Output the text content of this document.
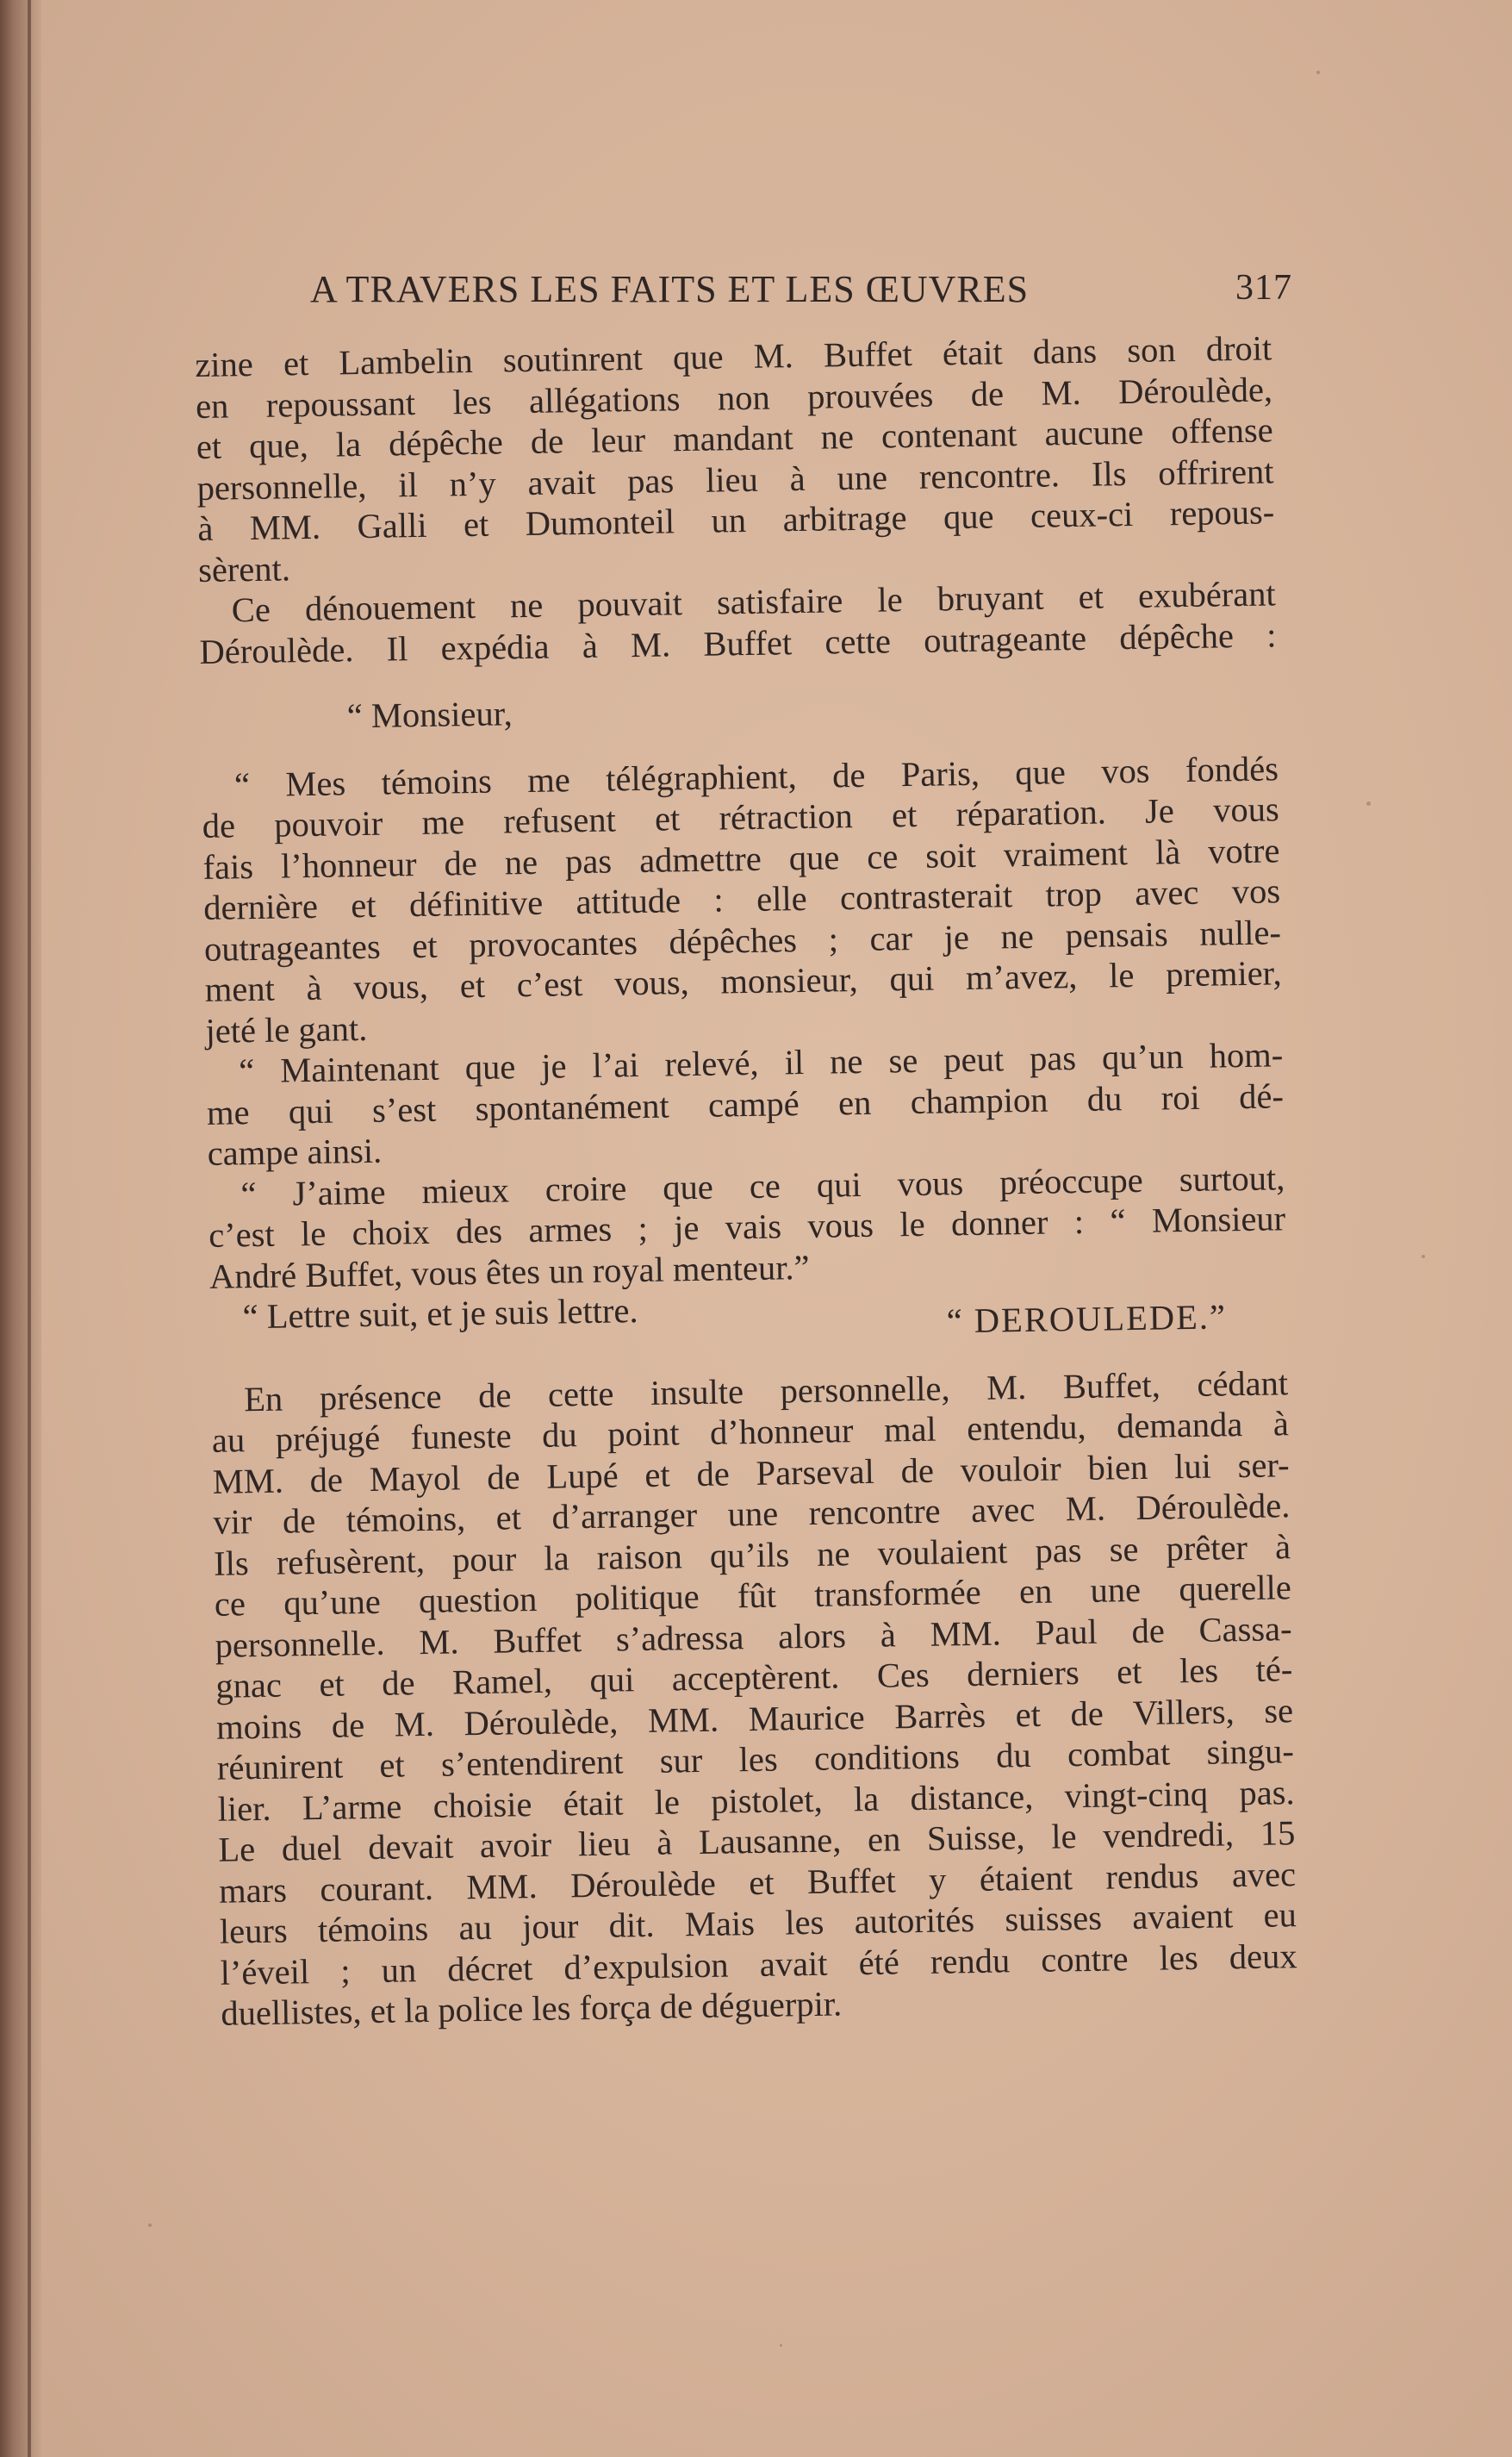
A TRAVERS LES FAITS ET LES ŒUVRES	317
zine et Lambelin soutinrent que M. Buffet était dans son droit
en repoussant les allégations non prouvées de M. Déroulède,
et que, la dépêche de leur mandant ne contenant aucune offense
personnelle, il n’y avait pas lieu à une rencontre. Ils offrirent
à MM. Galli et Dumonteil un arbitrage que ceux-ci repous-
sèrent.
Ce dénouement ne pouvait satisfaire le bruyant et exubérant
Déroulède. Il expédia à M. Buffet cette outrageante dépêche :
“ Monsieur,
“ Mes témoins me télégraphient, de Paris, que vos fondés
de pouvoir me refusent et rétraction et réparation. Je vous
fais l’honneur de ne pas admettre que ce soit vraiment là votre
dernière et définitive attitude : elle contrasterait trop avec vos
outrageantes et provocantes dépêches ; car je ne pensais nulle-
ment à vous, et c’est vous, monsieur, qui m’avez, le premier,
jeté le gant.
“ Maintenant que je l’ai relevé, il ne se peut pas qu’un hom-
me qui s’est spontanément campé en champion du roi dé-
campe ainsi.
“ J’aime mieux croire que ce qui vous préoccupe surtout,
c’est le choix des armes ; je vais vous le donner : “ Monsieur
André Buffet, vous êtes un royal menteur.”
“ Lettre suit, et je suis lettre.	“ DEROULEDE.”
En présence de cette insulte personnelle, M. Buffet, cédant
au préjugé funeste du point d’honneur mal entendu, demanda à
MM. de Mayol de Lupé et de Parseval de vouloir bien lui ser-
vir de témoins, et d’arranger une rencontre avec M. Déroulède.
Ils refusèrent, pour la raison qu’ils ne voulaient pas se prêter à
ce qu’une question politique fût transformée en une querelle
personnelle. M. Buffet s’adressa alors à MM. Paul de Cassa-
gnac et de Ramel, qui acceptèrent. Ces derniers et les té-
moins de M. Déroulède, MM. Maurice Barrès et de Villers, se
réunirent et s’entendirent sur les conditions du combat singu-
lier. L’arme choisie était le pistolet, la distance, vingt-cinq pas.
Le duel devait avoir lieu à Lausanne, en Suisse, le vendredi, 15
mars courant. MM. Déroulède et Buffet y étaient rendus avec
leurs témoins au jour dit. Mais les autorités suisses avaient eu
l’éveil ; un décret d’expulsion avait été rendu contre les deux
duellistes, et la police les força de déguerpir.
